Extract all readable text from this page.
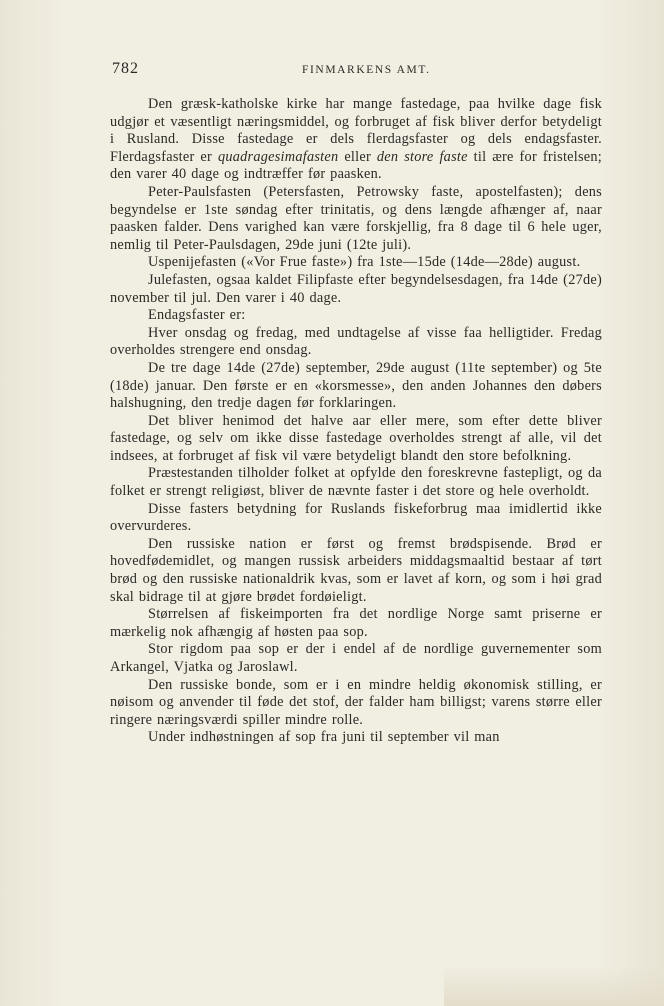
782	FINMARKENS AMT.

Den græsk-katholske kirke har mange fastedage, paa hvilke dage fisk udgjør et væsentligt næringsmiddel, og forbruget af fisk bliver derfor betydeligt i Rusland. Disse fastedage er dels flerdagsfaster og dels endagsfaster. Flerdagsfaster er quadragesimafasten eller den store faste til ære for fristelsen; den varer 40 dage og indtræffer før paasken.

Peter-Paulsfasten (Petersfasten, Petrowsky faste, apostelfasten); dens begyndelse er 1ste søndag efter trinitatis, og dens længde afhænger af, naar paasken falder. Dens varighed kan være forskjellig, fra 8 dage til 6 hele uger, nemlig til Peter-Paulsdagen, 29de juni (12te juli).

Uspenijefasten («Vor Frue faste») fra 1ste—15de (14de—28de) august.

Julefasten, ogsaa kaldet Filipfaste efter begyndelsesdagen, fra 14de (27de) november til jul. Den varer i 40 dage.

Endagsfaster er:

Hver onsdag og fredag, med undtagelse af visse faa helligtider. Fredag overholdes strengere end onsdag.

De tre dage 14de (27de) september, 29de august (11te september) og 5te (18de) januar. Den første er en «korsmesse», den anden Johannes den døbers halshugning, den tredje dagen før forklaringen.

Det bliver henimod det halve aar eller mere, som efter dette bliver fastedage, og selv om ikke disse fastedage overholdes strengt af alle, vil det indsees, at forbruget af fisk vil være betydeligt blandt den store befolkning.

Præstestanden tilholder folket at opfylde den foreskrevne fastepligt, og da folket er strengt religiøst, bliver de nævnte faster i det store og hele overholdt.

Disse fasters betydning for Ruslands fiskeforbrug maa imidlertid ikke overvurderes.

Den russiske nation er først og fremst brødspisende. Brød er hovedfødemidlet, og mangen russisk arbeiders middagsmaaltid bestaar af tørt brød og den russiske nationaldrik kvas, som er lavet af korn, og som i høi grad skal bidrage til at gjøre brødet fordøieligt.

Størrelsen af fiskeimporten fra det nordlige Norge samt priserne er mærkelig nok afhængig af høsten paa sop.

Stor rigdom paa sop er der i endel af de nordlige guvernementer som Arkangel, Vjatka og Jaroslawl.

Den russiske bonde, som er i en mindre heldig økonomisk stilling, er nøisom og anvender til føde det stof, der falder ham billigst; varens større eller ringere næringsværdi spiller mindre rolle.

Under indhøstningen af sop fra juni til september vil man
